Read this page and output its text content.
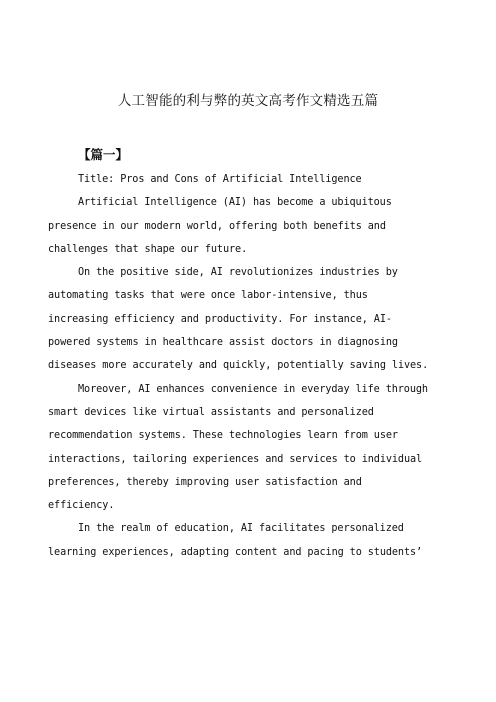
人工智能的利与弊的英文高考作文精选五篇
【篇一】

Title: Pros and Cons of Artificial Intelligence

Artificial Intelligence (AI) has become a ubiquitous
presence in our modern world, offering both benefits and
challenges that shape our future.

On the positive side, AI revolutionizes industries by
automating tasks that were once labor-intensive, thus
increasing efficiency and productivity. For instance, AI-
powered systems in healthcare assist doctors in diagnosing
diseases more accurately and quickly, potentially saving lives.

Moreover, AI enhances convenience in everyday life through
smart devices like virtual assistants and personalized
recommendation systems. These technologies learn from user
interactions, tailoring experiences and services to individual
preferences, thereby improving user satisfaction and
efficiency.

In the realm of education, AI facilitates personalized
learning experiences, adapting content and pacing to students’
